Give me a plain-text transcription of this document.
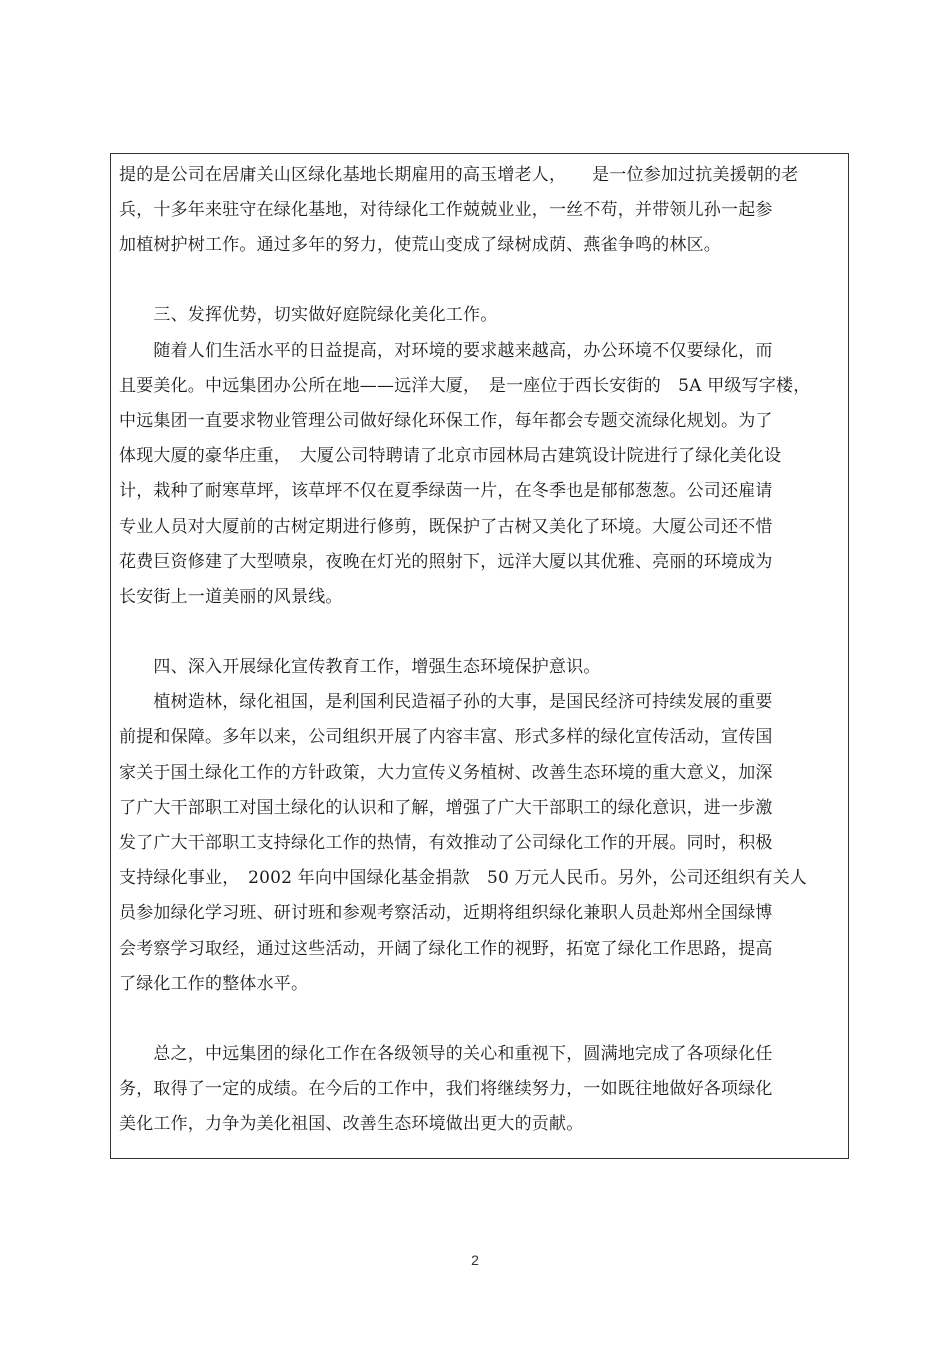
提的是公司在居庸关山区绿化基地长期雇用的高玉增老人，　　是一位参加过抗美援朝的老
兵，十多年来驻守在绿化基地，对待绿化工作兢兢业业，一丝不苟，并带领儿孙一起参
加植树护树工作。通过多年的努力，使荒山变成了绿树成荫、燕雀争鸣的林区。
　　三、发挥优势，切实做好庭院绿化美化工作。
　　随着人们生活水平的日益提高，对环境的要求越来越高，办公环境不仅要绿化，而
且要美化。中远集团办公所在地——远洋大厦，　是一座位于西长安街的　5A 甲级写字楼，
中远集团一直要求物业管理公司做好绿化环保工作，每年都会专题交流绿化规划。为了
体现大厦的豪华庄重，　大厦公司特聘请了北京市园林局古建筑设计院进行了绿化美化设
计，栽种了耐寒草坪，该草坪不仅在夏季绿茵一片，在冬季也是郁郁葱葱。公司还雇请
专业人员对大厦前的古树定期进行修剪，既保护了古树又美化了环境。大厦公司还不惜
花费巨资修建了大型喷泉，夜晚在灯光的照射下，远洋大厦以其优雅、亮丽的环境成为
长安街上一道美丽的风景线。
　　四、深入开展绿化宣传教育工作，增强生态环境保护意识。
　　植树造林，绿化祖国，是利国利民造福子孙的大事，是国民经济可持续发展的重要
前提和保障。多年以来，公司组织开展了内容丰富、形式多样的绿化宣传活动，宣传国
家关于国土绿化工作的方针政策，大力宣传义务植树、改善生态环境的重大意义，加深
了广大干部职工对国土绿化的认识和了解，增强了广大干部职工的绿化意识，进一步激
发了广大干部职工支持绿化工作的热情，有效推动了公司绿化工作的开展。同时，积极
支持绿化事业，　2002 年向中国绿化基金捐款　50 万元人民币。另外，公司还组织有关人
员参加绿化学习班、研讨班和参观考察活动，近期将组织绿化兼职人员赴郑州全国绿博
会考察学习取经，通过这些活动，开阔了绿化工作的视野，拓宽了绿化工作思路，提高
了绿化工作的整体水平。
　　总之，中远集团的绿化工作在各级领导的关心和重视下，圆满地完成了各项绿化任
务，取得了一定的成绩。在今后的工作中，我们将继续努力，一如既往地做好各项绿化
美化工作，力争为美化祖国、改善生态环境做出更大的贡献。
2
